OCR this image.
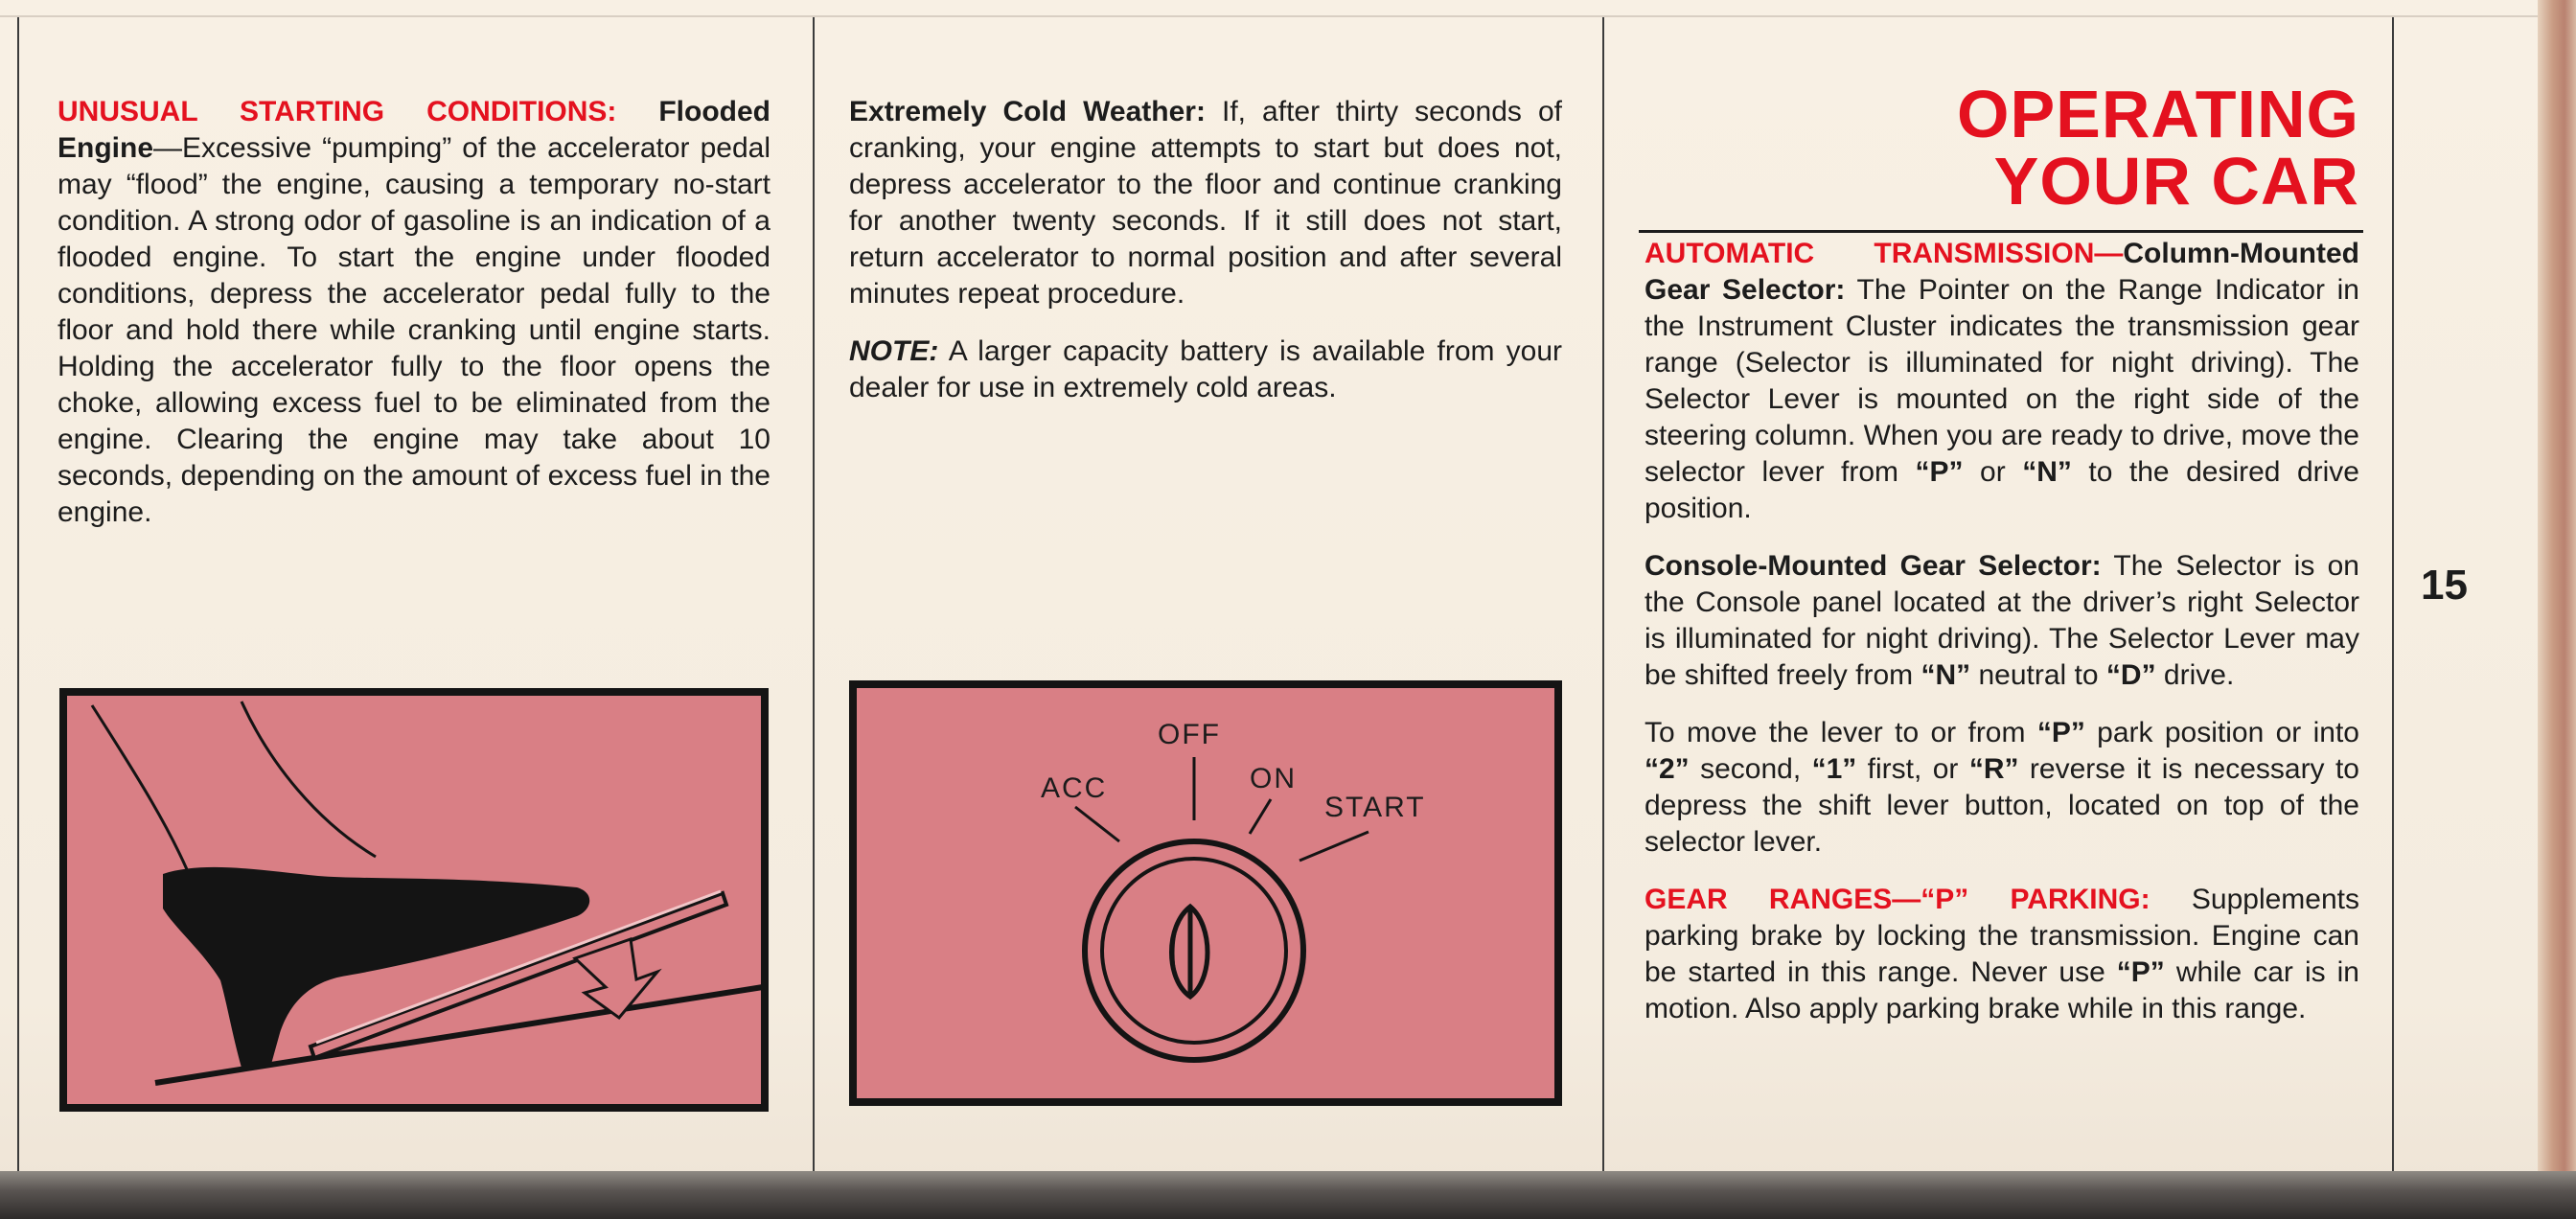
UNUSUAL STARTING CONDITIONS: Flooded Engine—Excessive “pumping” of the accelerator pedal may “flood” the engine, causing a temporary no-start condition. A strong odor of gasoline is an indication of a flooded engine. To start the engine under flooded conditions, depress the accelerator pedal fully to the floor and hold there while cranking until engine starts. Holding the accelerator fully to the floor opens the choke, allowing excess fuel to be eliminated from the engine. Clearing the engine may take about 10 seconds, depending on the amount of excess fuel in the engine.

Extremely Cold Weather: If, after thirty seconds of cranking, your engine attempts to start but does not, depress accelerator to the floor and continue cranking for another twenty seconds. If it still does not start, return accelerator to normal position and after several minutes repeat procedure.

NOTE: A larger capacity battery is available from your dealer for use in extremely cold areas.

ACC
OFF
ON
START
OPERATING
YOUR CAR

AUTOMATIC TRANSMISSION—Column-Mounted Gear Selector: The Pointer on the Range Indicator in the Instrument Cluster indicates the transmission gear range (Selector is illuminated for night driving). The Selector Lever is mounted on the right side of the steering column. When you are ready to drive, move the selector lever from “P” or “N” to the desired drive position.

Console-Mounted Gear Selector: The Selector is on the Console panel located at the driver’s right Selector is illuminated for night driving). The Selector Lever may be shifted freely from “N” neutral to “D” drive.

To move the lever to or from “P” park position or into “2” second, “1” first, or “R” reverse it is necessary to depress the shift lever button, located on top of the selector lever.

GEAR RANGES—“P” PARKING: Supplements parking brake by locking the transmission. Engine can be started in this range. Never use “P” while car is in motion. Also apply parking brake while in this range.

15
